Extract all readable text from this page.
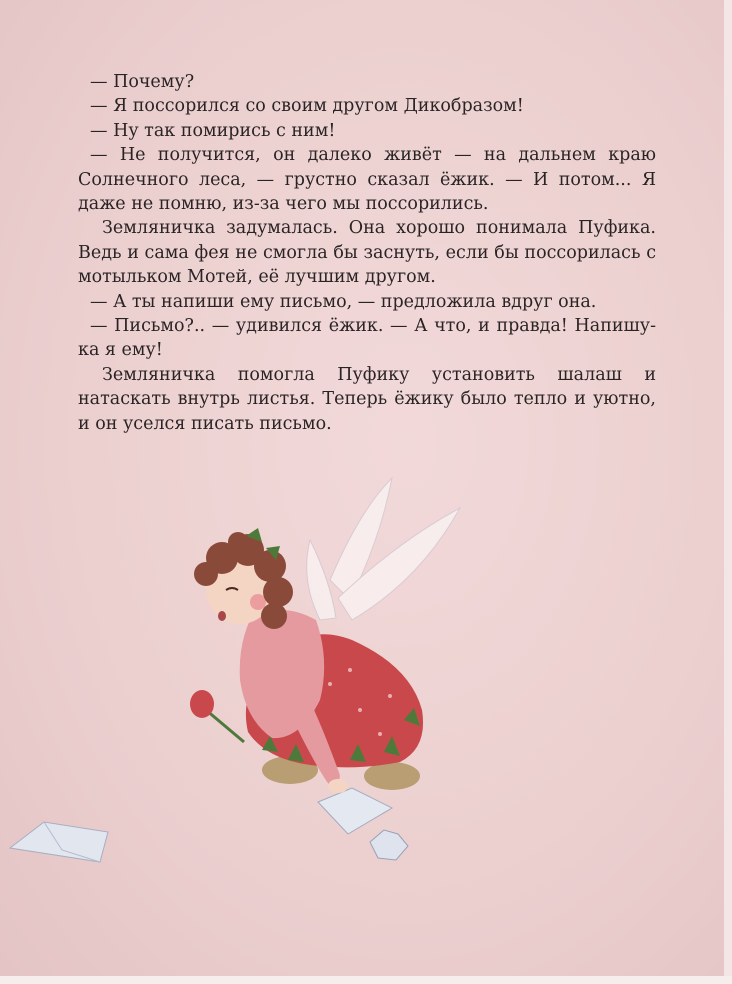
— Почему?

— Я поссорился со своим другом Дикобразом!

— Ну так помирись с ним!

— Не получится, он далеко живёт — на дальнем краю Солнечного леса, — грустно сказал ёжик. — И потом... Я даже не помню, из-за чего мы поссорились.

Земляничка задумалась. Она хорошо понимала Пуфика. Ведь и сама фея не смогла бы заснуть, если бы поссорилась с мотыльком Мотей, её лучшим другом.

— А ты напиши ему письмо, — предложила вдруг она.

— Письмо?.. — удивился ёжик. — А что, и правда! Напишу-ка я ему!

Земляничка помогла Пуфику установить шалаш и натаскать внутрь листья. Теперь ёжику было тепло и уютно, и он уселся писать письмо.
